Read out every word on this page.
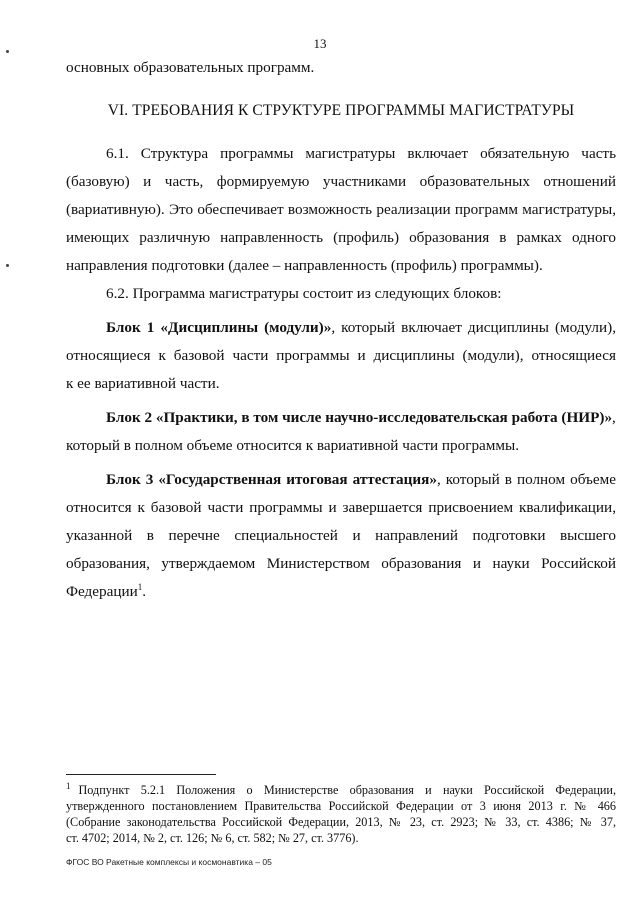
13
основных образовательных программ.
VI. ТРЕБОВАНИЯ К СТРУКТУРЕ ПРОГРАММЫ МАГИСТРАТУРЫ
6.1. Структура программы магистратуры включает обязательную часть
(базовую) и часть, формируемую участниками образовательных отношений
(вариативную). Это обеспечивает возможность реализации программ магистратуры,
имеющих различную направленность (профиль) образования в рамках одного
направления подготовки (далее – направленность (профиль) программы).
6.2. Программа магистратуры состоит из следующих блоков:
Блок 1 «Дисциплины (модули)», который включает дисциплины (модули),
относящиеся к базовой части программы и дисциплины (модули), относящиеся
к ее вариативной части.
Блок 2 «Практики, в том числе научно-исследовательская работа (НИР)»,
который в полном объеме относится к вариативной части программы.
Блок 3 «Государственная итоговая аттестация», который в полном объеме
относится к базовой части программы и завершается присвоением квалификации,
указанной в перечне специальностей и направлений подготовки высшего
образования, утверждаемом Министерством образования и науки Российской
Федерации$^1$.
$^1$ Подпункт 5.2.1 Положения о Министерстве образования и науки Российской Федерации,
утвержденного постановлением Правительства Российской Федерации от 3 июня 2013 г. № 466
(Собрание законодательства Российской Федерации, 2013, № 23, ст. 2923; № 33, ст. 4386; № 37,
ст. 4702; 2014, № 2, ст. 126; № 6, ст. 582; № 27, ст. 3776).
ФГОС ВО Ракетные комплексы и космонавтика – 05
